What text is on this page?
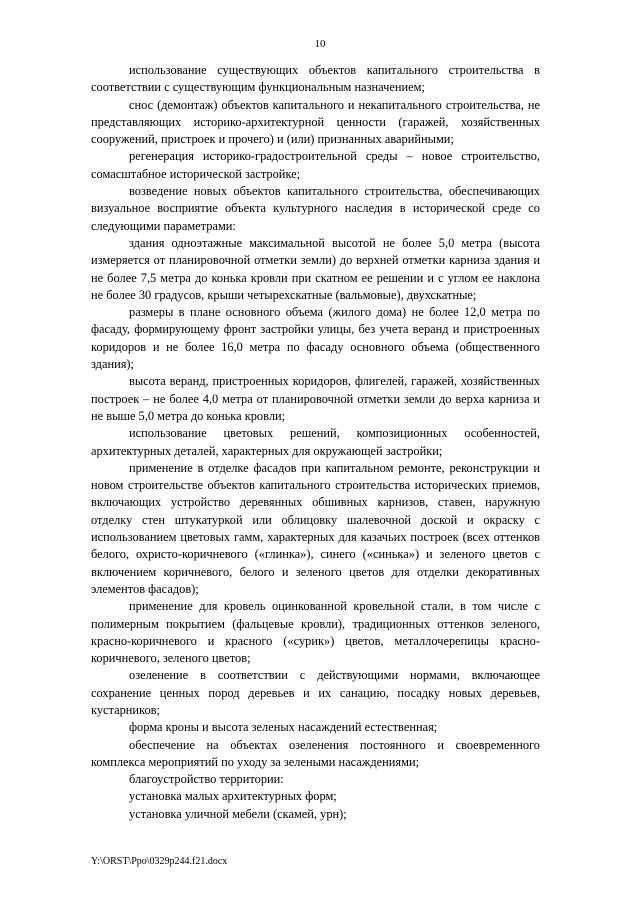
10

использование существующих объектов капитального строительства в соответствии с существующим функциональным назначением;

снос (демонтаж) объектов капитального и некапитального строительства, не представляющих историко-архитектурной ценности (гаражей, хозяйственных сооружений, пристроек и прочего) и (или) признанных аварийными;

регенерация историко-градостроительной среды – новое строительство, сомасштабное исторической застройке;

возведение новых объектов капитального строительства, обеспечивающих визуальное восприятие объекта культурного наследия в исторической среде со следующими параметрами:

здания одноэтажные максимальной высотой не более 5,0 метра (высота измеряется от планировочной отметки земли) до верхней отметки карниза здания и не более 7,5 метра до конька кровли при скатном ее решении и с углом ее наклона не более 30 градусов, крыши четырехскатные (вальмовые), двухскатные;

размеры в плане основного объема (жилого дома) не более 12,0 метра по фасаду, формирующему фронт застройки улицы, без учета веранд и пристроенных коридоров и не более 16,0 метра по фасаду основного объема (общественного здания);

высота веранд, пристроенных коридоров, флигелей, гаражей, хозяйственных построек – не более 4,0 метра от планировочной отметки земли до верха карниза и не выше 5,0 метра до конька кровли;

использование цветовых решений, композиционных особенностей, архитектурных деталей, характерных для окружающей застройки;

применение в отделке фасадов при капитальном ремонте, реконструкции и новом строительстве объектов капитального строительства исторических приемов, включающих устройство деревянных обшивных карнизов, ставен, наружную отделку стен штукатуркой или облицовку шалевочной доской и окраску с использованием цветовых гамм, характерных для казачьих построек (всех оттенков белого, охристо-коричневого («глинка»), синего («синька») и зеленого цветов с включением коричневого, белого и зеленого цветов для отделки декоративных элементов фасадов);

применение для кровель оцинкованной кровельной стали, в том числе с полимерным покрытием (фальцевые кровли), традиционных оттенков зеленого, красно-коричневого и красного («сурик») цветов, металлочерепицы красно-коричневого, зеленого цветов;

озеленение в соответствии с действующими нормами, включающее сохранение ценных пород деревьев и их санацию, посадку новых деревьев, кустарников;

форма кроны и высота зеленых насаждений естественная;

обеспечение на объектах озеленения постоянного и своевременного комплекса мероприятий по уходу за зелеными насаждениями;

благоустройство территории:

установка малых архитектурных форм;

установка уличной мебели (скамей, урн);

Y:\ORST\Ppo\0329p244.f21.docx
